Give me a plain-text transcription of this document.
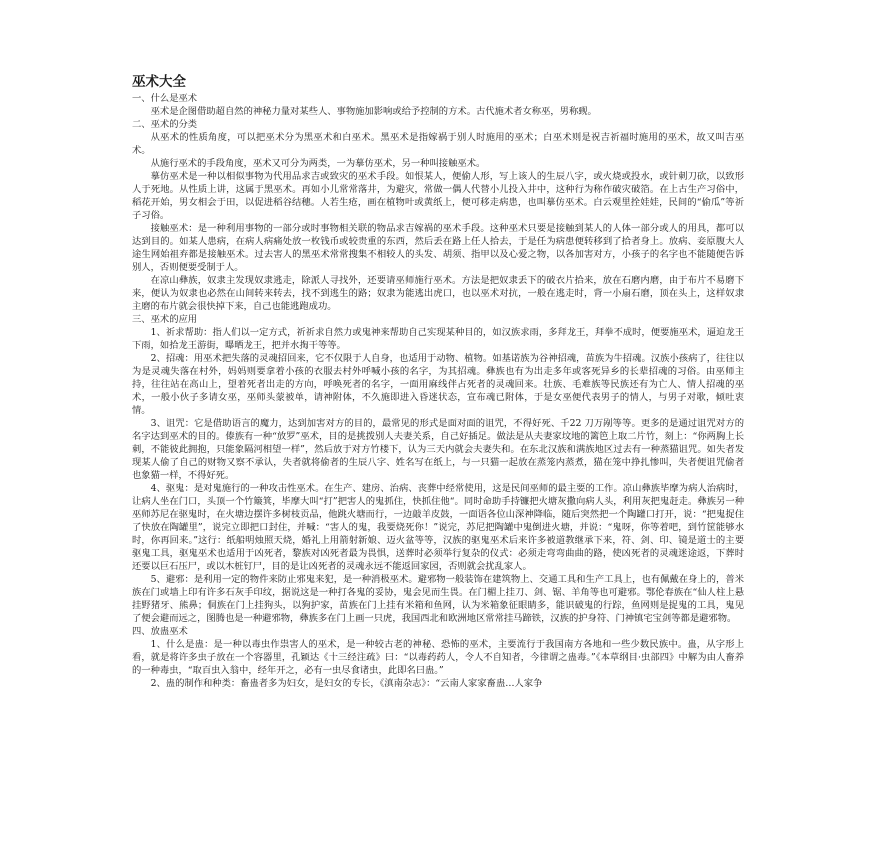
巫术大全
一、什么是巫术
巫术是企图借助超自然的神秘力量对某些人、事物施加影响或给予控制的方术。古代施术者女称巫，男称觋。
二、巫术的分类
从巫术的性质角度，可以把巫术分为黑巫术和白巫术。黑巫术是指嫁祸于别人时施用的巫术；白巫术则是祝吉祈福时施用的巫术，故又叫吉巫术。
从施行巫术的手段角度，巫术又可分为两类，一为摹仿巫术，另一种叫接触巫术。
摹仿巫术是一种以相似事物为代用品求吉或致灾的巫术手段。如恨某人，便偷人形，写上该人的生辰八字，或火烧或投水，或针刺刀砍，以致形人于死地。从性质上讲，这属于黑巫术。再如小儿常常落井，为避灾，常做一偶人代替小儿投入井中，这种行为称作破灾破箔。在上古生产习俗中，稻花开始，男女相会于田，以促进稻谷结穗。人若生疮，画在植物叶或黄纸上，便可移走病患，也叫摹仿巫术。白云观里拴娃娃，民间的“偷瓜”等祈子习俗。
接触巫术：是一种利用事物的一部分或时事物相关联的物品求吉嫁祸的巫术手段。这种巫术只要是接触到某人的人体一部分或人的用具，都可以达到目的。如某人患病，在病人病痛处放一枚钱币或较贵重的东西，然后丢在路上任人拾去，于是任为病患便转移到了拾者身上。放病、妾原腹大人途生网始祖弃都是接触巫术。过去害人的黑巫术常常搜集不相较人的头发、胡须、指甲以及心爱之物，以各加害对方，小孩子的名字也不能随便告诉别人，否则便要受制于人。
在凉山彝族，奴隶主发现奴隶逃走，除派人寻找外，还要请巫师施行巫术。方法是把奴隶丢下的破衣片拾来，放在石磨内磨，由于布片不易磨下来，便认为奴隶也必然在山间转来转去，找不到逃生的路；奴隶为能逃出虎口，也以巫术对抗，一般在逃走时，背一小扇石磨，顶在头上，这样奴隶主磨的布片就会很快掉下来，自己也能逃跑成功。
三、巫术的应用
1、祈求帮助：指人们以一定方式，祈祈求自然力或鬼神来帮助自己实现某种目的，如汉族求雨，多拜龙王，拜拳不成时，便要施巫术，逼迫龙王下雨，如拾龙王游街，曝晒龙王，把并水掏干等等。
2、招魂：用巫术把失落的灵魂招回来，它不仅限于人自身，也适用于动物、植物。如基诺族为谷神招魂，苗族为牛招魂。汉族小孩病了，往往以为是灵魂失落在村外，妈妈则要拿着小孩的衣服去村外呼喊小孩的名字，为其招魂。彝族也有为出走多年或客死异乡的长辈招魂的习俗。由巫师主持，往往站在高山上，望着死者出走的方向，呼唤死者的名字，一面用麻线伴占死者的灵魂回来。壮族、毛难族等民族还有为亡人、情人招魂的巫术，一般小伙子多请女巫，巫师头蒙被单，请神附体，不久施即进入昏迷状态，宣布魂已附体，于是女巫便代表男子的情人，与男子对歌，倾吐衷情。
3、诅咒：它是借助语言的魔力，达到加害对方的目的，最常见的形式是面对面的诅咒，不得好死、千22 刀万剐等等。更多的是通过诅咒对方的名字达到巫术的目的。傣族有一种“放罗”巫术，目的是挑拨别人夫妻关系，自己好插足。做法是从夫妻家坟地的篱笆上取二片竹，刻上：“你两胸上长刺，不能彼此拥抱，只能象隔河相望一样”，然后放于对方竹楼下，认为三天内就会夫妻失和。在东北汉族和满族地区过去有一种蒸猫诅咒。如失者发现某人偷了自己的财物又察不承认，失者就将偷者的生辰八字、姓名写在纸上，与一只猫一起放在蒸笼内蒸煮，猫在笼中挣扎惨叫，失者便诅咒偷者也象猫一样，不得好死。
4、驱鬼：是对鬼施行的一种攻击性巫术。在生产、建房、治病、丧葬中经常使用，这是民间巫师的最主要的工作。凉山彝族毕摩为病人治病时，让病人坐在门口，头顶一个竹簸箕，毕摩大叫“打”把害人的鬼抓住，快抓住他“。同时命助手持镰把火塘灰撒向病人头，利用灰把鬼赶走。彝族另一种巫师苏尼在驱鬼时，在火塘边摆许多树枝贡品，他跳火塘而行，一边敲羊皮鼓，一面语各位山深神降临，随后突然把一个陶罐口打开，说：“把鬼捉住了快放在陶罐里”，说完立即把口封住，并喊：“害人的鬼，我要烧死你！”说完，苏尼把陶罐中鬼倒进火塘，并说：“鬼呀，你等着吧，到竹筐能够水时，你再回来。”这行：纸船明烛照天烧，婚礼上用箭射新娘、迈火盆等等，汉族的驱鬼巫术后来许多被道教继承下来，符、剑、印、镜是道士的主要驱鬼工具，驱鬼巫术也适用于凶死者，黎族对凶死者最为畏惧，送葬时必须举行复杂的仪式：必须走弯弯曲曲的路，使凶死者的灵魂迷途返，下葬时还要以巨石压尸，或以木桩钉尸，目的是让凶死者的灵魂永远不能返回家园，否则就会扰乱家人。
5、避邪：是利用一定的物件来防止邪鬼来犯，是一种消极巫术。避邪物一般装饰在建筑物上、交通工具和生产工具上，也有佩戴在身上的，普米族在门或墙上印有许多石灰手印纹，据说这是一种打各鬼的妥协，鬼会见而生畏。在门楣上挂刀、剑、锯、羊角等也可避邪。鄂伦春族在“仙人柱上悬挂野猪牙、熊鼻；侗族在门上挂狗头，以狗护家，苗族在门上挂有米箱和鱼网，认为米箱象征眼睛多，能识破鬼的行踪，鱼网则是捉鬼的工具，鬼见了便会避而远之，图腾也是一种避邪物，彝族多在门上画一只虎，我国西北和欧洲地区常常挂马蹄铁，汉族的护身符、门神镇宅宝剑等都是避邪物。
四、放蛊巫术
1、什么是蛊：是一种以毒虫作祟害人的巫术，是一种较古老的神秘、恐怖的巫术，主要流行于我国南方各地和一些少数民族中。蛊，从字形上看，就是将许多虫子放在一个容器里，孔颖达《十三经注疏》曰：“以毒药药人，令人不自知者，今律谓之蛊毒。”《本草纲目·虫部四》中解为由人畜养的一种毒虫，“取百虫入翁中，经年开之，必有一虫尽食诸虫，此即名曰蛊。”
2、蛊的制作和种类：畜蛊者多为妇女，是妇女的专长，《滇南杂志》：“云南人家家畜蛊…人家争
